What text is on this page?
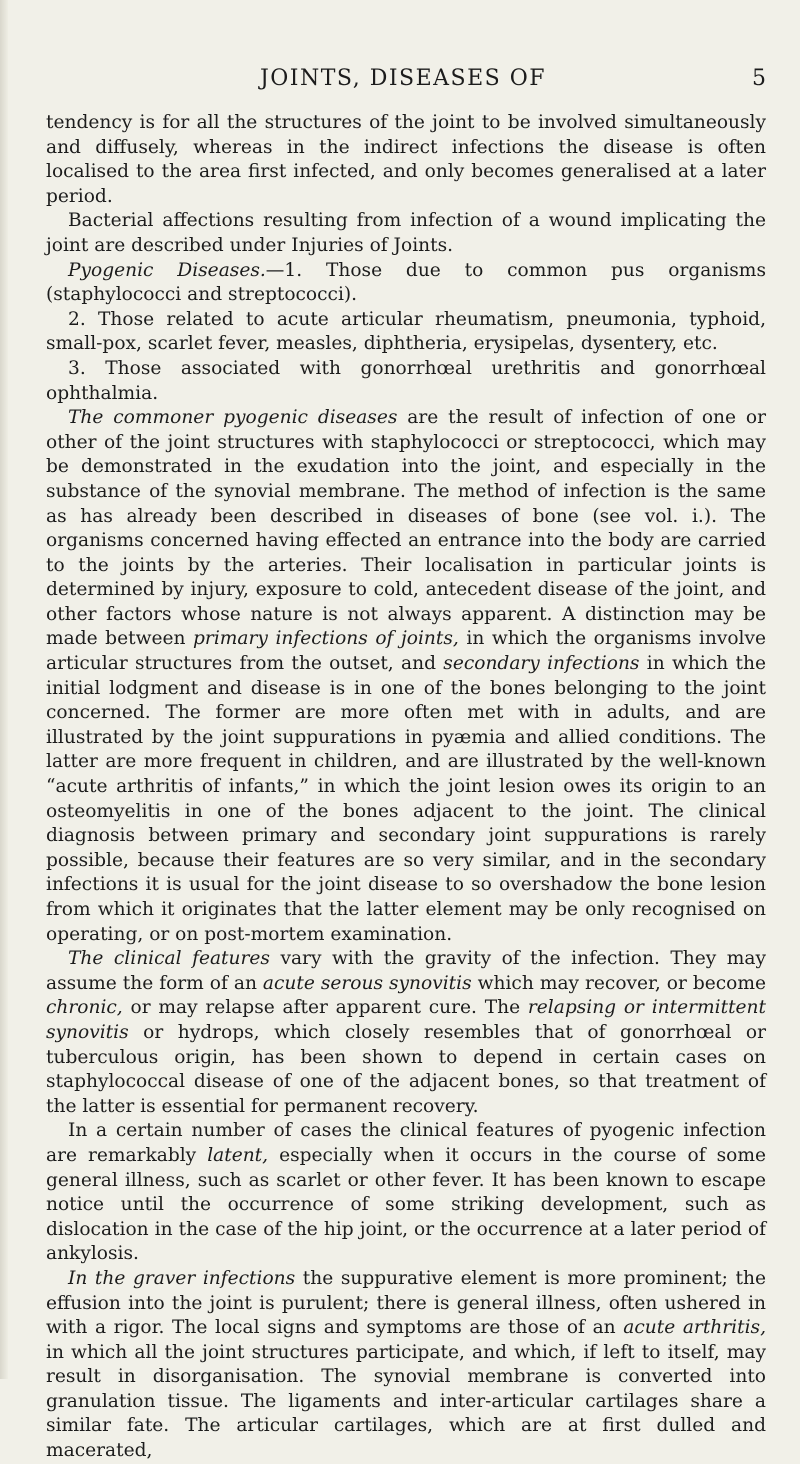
JOINTS, DISEASES OF	5

tendency is for all the structures of the joint to be involved simultaneously and diffusely, whereas in the indirect infections the disease is often localised to the area first infected, and only becomes generalised at a later period.

Bacterial affections resulting from infection of a wound implicating the joint are described under Injuries of Joints.

Pyogenic Diseases.—1. Those due to common pus organisms (staphylococci and streptococci).

2. Those related to acute articular rheumatism, pneumonia, typhoid, small-pox, scarlet fever, measles, diphtheria, erysipelas, dysentery, etc.

3. Those associated with gonorrhœal urethritis and gonorrhœal ophthalmia.

The commoner pyogenic diseases are the result of infection of one or other of the joint structures with staphylococci or streptococci, which may be demonstrated in the exudation into the joint, and especially in the substance of the synovial membrane. The method of infection is the same as has already been described in diseases of bone (see vol. i.). The organisms concerned having effected an entrance into the body are carried to the joints by the arteries. Their localisation in particular joints is determined by injury, exposure to cold, antecedent disease of the joint, and other factors whose nature is not always apparent. A distinction may be made between primary infections of joints, in which the organisms involve articular structures from the outset, and secondary infections in which the initial lodgment and disease is in one of the bones belonging to the joint concerned. The former are more often met with in adults, and are illustrated by the joint suppurations in pyæmia and allied conditions. The latter are more frequent in children, and are illustrated by the well-known “acute arthritis of infants,” in which the joint lesion owes its origin to an osteomyelitis in one of the bones adjacent to the joint. The clinical diagnosis between primary and secondary joint suppurations is rarely possible, because their features are so very similar, and in the secondary infections it is usual for the joint disease to so overshadow the bone lesion from which it originates that the latter element may be only recognised on operating, or on post-mortem examination.

The clinical features vary with the gravity of the infection. They may assume the form of an acute serous synovitis which may recover, or become chronic, or may relapse after apparent cure. The relapsing or intermittent synovitis or hydrops, which closely resembles that of gonorrhœal or tuberculous origin, has been shown to depend in certain cases on staphylococcal disease of one of the adjacent bones, so that treatment of the latter is essential for permanent recovery.

In a certain number of cases the clinical features of pyogenic infection are remarkably latent, especially when it occurs in the course of some general illness, such as scarlet or other fever. It has been known to escape notice until the occurrence of some striking development, such as dislocation in the case of the hip joint, or the occurrence at a later period of ankylosis.

In the graver infections the suppurative element is more prominent; the effusion into the joint is purulent; there is general illness, often ushered in with a rigor. The local signs and symptoms are those of an acute arthritis, in which all the joint structures participate, and which, if left to itself, may result in disorganisation. The synovial membrane is converted into granulation tissue. The ligaments and inter-articular cartilages share a similar fate. The articular cartilages, which are at first dulled and macerated,
